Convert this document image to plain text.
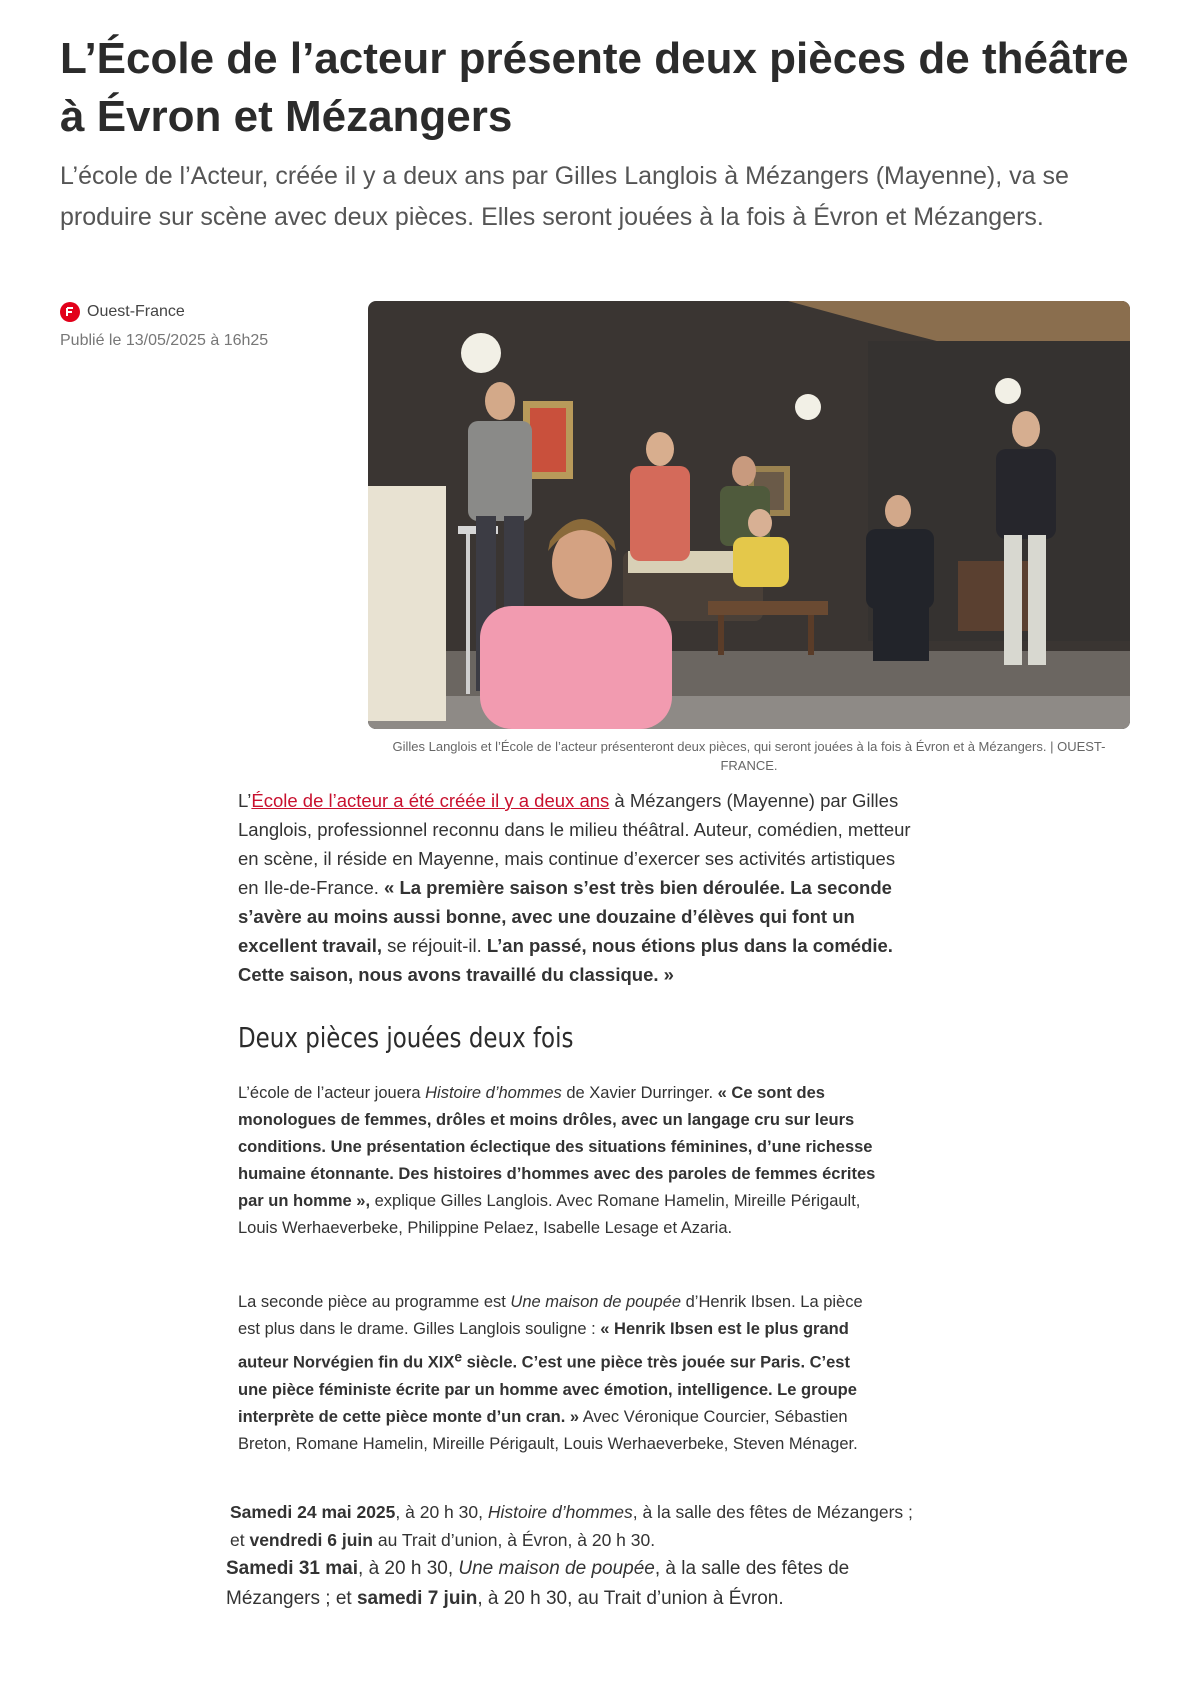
L’École de l’acteur présente deux pièces de théâtre à Évron et Mézangers

L’école de l’Acteur, créée il y a deux ans par Gilles Langlois à Mézangers (Mayenne), va se produire sur scène avec deux pièces. Elles seront jouées à la fois à Évron et Mézangers.

Ouest-France
Publié le 13/05/2025 à 16h25
Gilles Langlois et l’École de l’acteur présenteront deux pièces, qui seront jouées à la fois à Évron et à Mézangers. | OUEST-FRANCE.

L’École de l’acteur a été créée il y a deux ans à Mézangers (Mayenne) par Gilles Langlois, professionnel reconnu dans le milieu théâtral. Auteur, comédien, metteur en scène, il réside en Mayenne, mais continue d’exercer ses activités artistiques en Ile-de-France. « La première saison s’est très bien déroulée. La seconde s’avère au moins aussi bonne, avec une douzaine d’élèves qui font un excellent travail, se réjouit-il. L’an passé, nous étions plus dans la comédie. Cette saison, nous avons travaillé du classique. »

Deux pièces jouées deux fois

L’école de l’acteur jouera Histoire d’hommes de Xavier Durringer. « Ce sont des monologues de femmes, drôles et moins drôles, avec un langage cru sur leurs conditions. Une présentation éclectique des situations féminines, d’une richesse humaine étonnante. Des histoires d’hommes avec des paroles de femmes écrites par un homme », explique Gilles Langlois. Avec Romane Hamelin, Mireille Périgault, Louis Werhaeverbeke, Philippine Pelaez, Isabelle Lesage et Azaria.

La seconde pièce au programme est Une maison de poupée d’Henrik Ibsen. La pièce est plus dans le drame. Gilles Langlois souligne : « Henrik Ibsen est le plus grand auteur Norvégien fin du XIXe siècle. C’est une pièce très jouée sur Paris. C’est une pièce féministe écrite par un homme avec émotion, intelligence. Le groupe interprète de cette pièce monte d’un cran. » Avec Véronique Courcier, Sébastien Breton, Romane Hamelin, Mireille Périgault, Louis Werhaeverbeke, Steven Ménager.

Samedi 24 mai 2025, à 20 h 30, Histoire d’hommes, à la salle des fêtes de Mézangers ; et vendredi 6 juin au Trait d’union, à Évron, à 20 h 30.

Samedi 31 mai, à 20 h 30, Une maison de poupée, à la salle des fêtes de Mézangers ; et samedi 7 juin, à 20 h 30, au Trait d’union à Évron.
